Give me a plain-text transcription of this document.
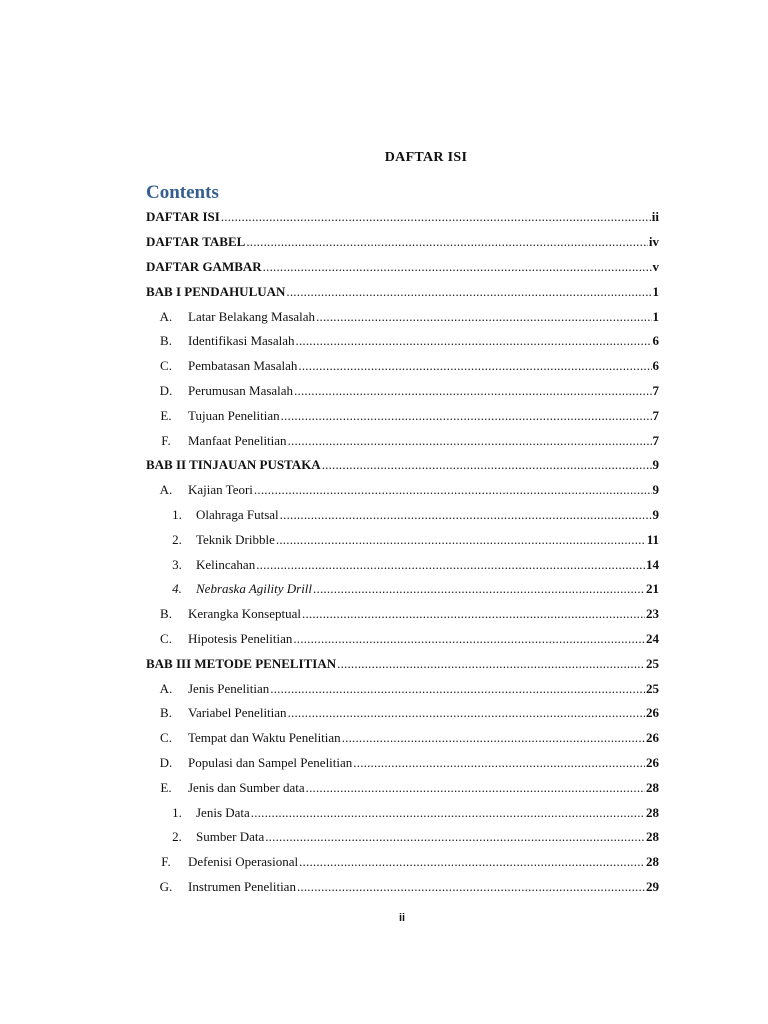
DAFTAR ISI
Contents
DAFTAR ISI .....	ii
DAFTAR TABEL .....	iv
DAFTAR GAMBAR .....	v
BAB I PENDAHULUAN .....	1
A.	Latar Belakang Masalah .....	1
B.	Identifikasi Masalah .....	6
C.	Pembatasan Masalah .....	6
D.	Perumusan Masalah .....	7
E.	Tujuan Penelitian .....	7
F.	Manfaat Penelitian .....	7
BAB II TINJAUAN PUSTAKA .....	9
A.	Kajian Teori .....	9
1.	Olahraga Futsal .....	9
2.	Teknik Dribble .....	11
3.	Kelincahan .....	14
4.	Nebraska Agility Drill .....	21
B.	Kerangka Konseptual .....	23
C.	Hipotesis Penelitian .....	24
BAB III METODE PENELITIAN .....	25
A.	Jenis Penelitian .....	25
B.	Variabel Penelitian .....	26
C.	Tempat dan Waktu Penelitian .....	26
D.	Populasi dan Sampel Penelitian .....	26
E.	Jenis dan Sumber data .....	28
1.	Jenis Data .....	28
2.	Sumber Data .....	28
F.	Defenisi Operasional .....	28
G.	Instrumen Penelitian .....	29
ii
